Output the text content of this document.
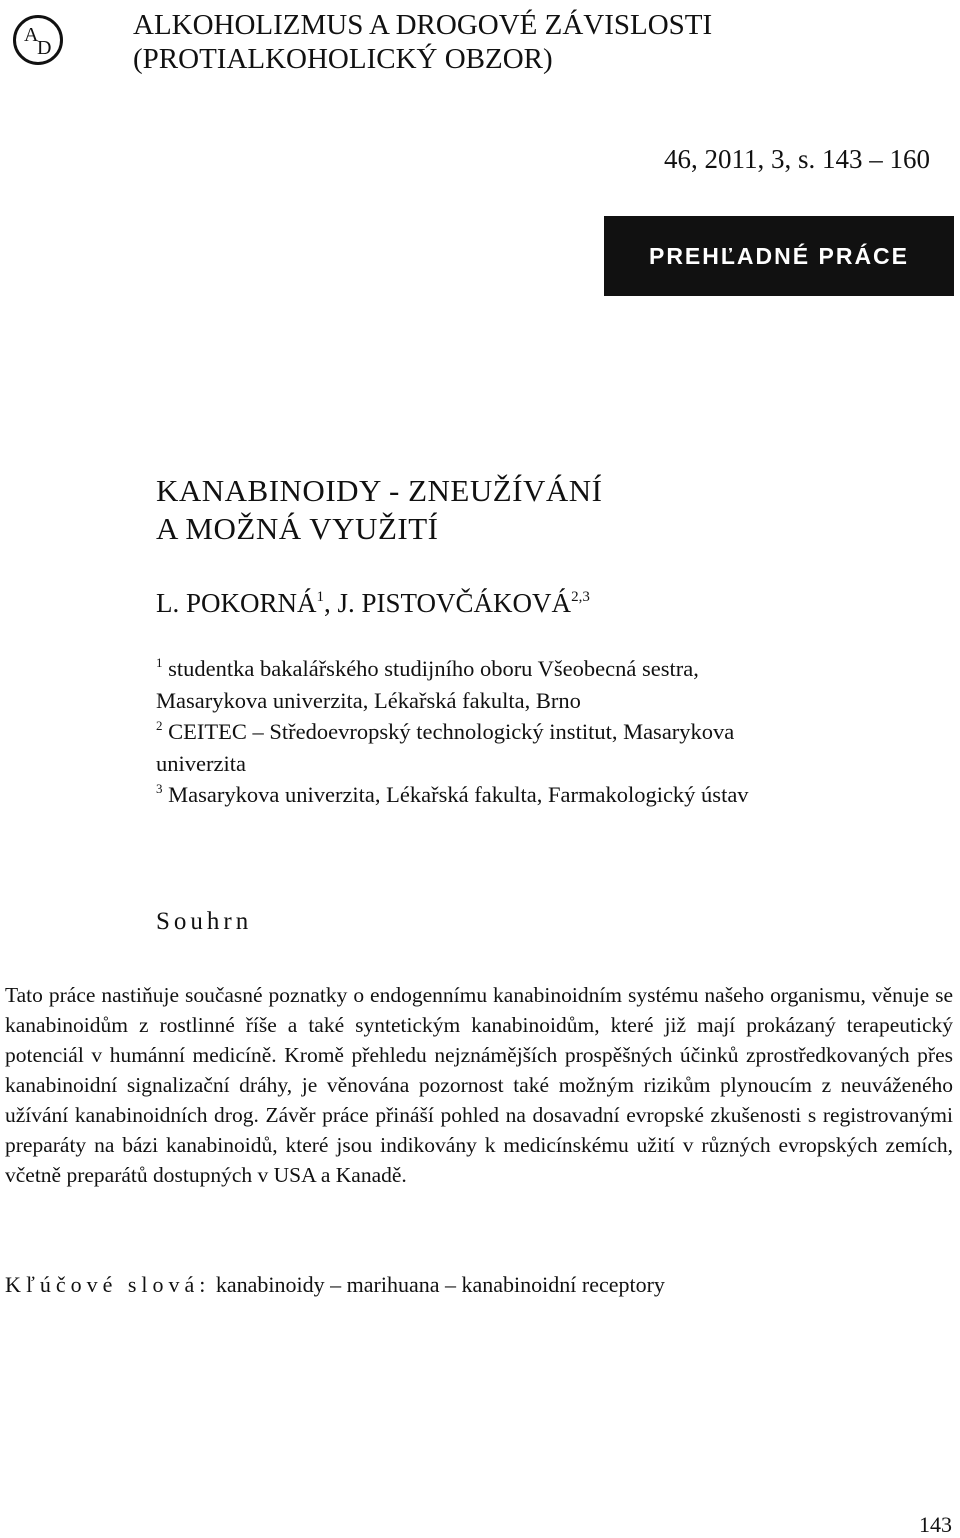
A
D
ALKOHOLIZMUS A DROGOVÉ ZÁVISLOSTI
(PROTIALKOHOLICKÝ OBZOR)
46, 2011, 3, s. 143 – 160
PREHĽADNÉ PRÁCE
KANABINOIDY - ZNEUŽÍVÁNÍ
A MOŽNÁ VYUŽITÍ
L. POKORNÁ$^1$, J. PISTOVČÁKOVÁ$^{2,3}$
$^1$ studentka bakalářského studijního oboru Všeobecná sestra,
Masarykova univerzita, Lékařská fakulta, Brno
$^2$ CEITEC – Středoevropský technologický institut, Masarykova
univerzita
$^3$ Masarykova univerzita, Lékařská fakulta, Farmakologický ústav
Souhrn
Tato práce nastiňuje současné poznatky o endogennímu kanabinoidním systému našeho organismu, věnuje se kanabinoidům z rostlinné říše a také syntetickým kanabinoidům, které již mají prokázaný terapeutický potenciál v humánní medicíně. Kromě přehledu nejznámějších prospěšných účinků zprostředkovaných přes kanabinoidní signalizační dráhy, je věnována pozornost také možným rizikům plynoucím z neuváženého užívání kanabinoidních drog. Závěr práce přináší pohled na dosavadní evropské zkušenosti s registrovanými preparáty na bázi kanabinoidů, které jsou indikovány k medicínskému užití v různých evropských zemích, včetně preparátů dostupných v USA a Kanadě.
Kľúčové slová: kanabinoidy – marihuana – kanabinoidní receptory
143
